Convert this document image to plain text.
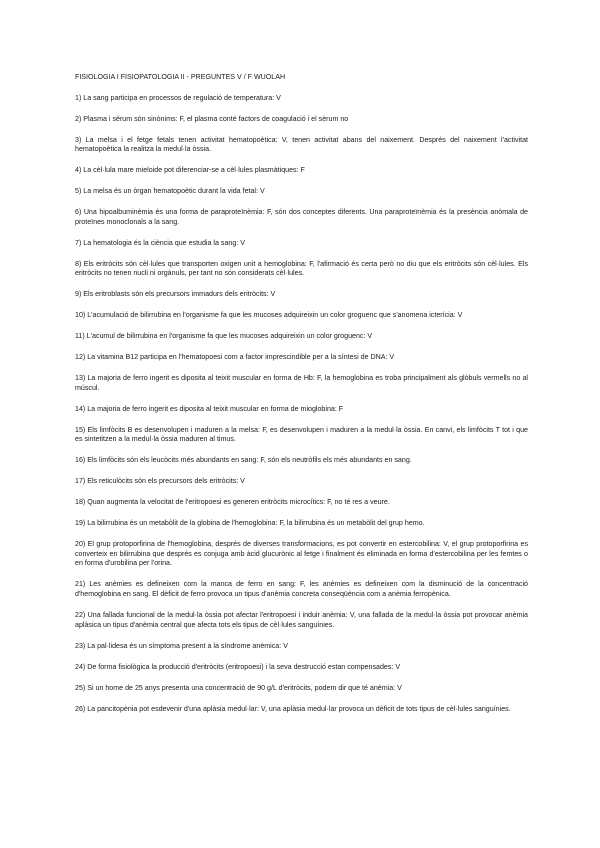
FISIOLOGIA I FISIOPATOLOGIA II - PREGUNTES V / F WUOLAH

1) La sang participa en processos de regulació de temperatura: V

2) Plasma i sèrum són sinònims: F, el plasma conté factors de coagulació i el sèrum no

3) La melsa i el fetge fetals tenen activitat hematopoètica: V, tenen activitat abans del naixement. Després del naixement l'activitat hematopoètica la realitza la medul·la òssia.

4) La cèl·lula mare mieloide pot diferenciar-se a cèl·lules plasmàtiques: F

5) La melsa és un òrgan hematopoètic durant la vida fetal: V

6) Una hipoalbuminèmia és una forma de paraproteïnèmia: F, són dos conceptes diferents. Una paraproteïnèmia és la presència anòmala de proteïnes monoclonals a la sang.

7) La hematologia és la ciència que estudia la sang: V

8) Els eritròcits són cèl·lules que transporten oxigen unit a hemoglobina: F, l'afirmació és certa però no diu que els eritròcits són cèl·lules. Els eritròcits no tenen nucli ni orgànuls, per tant no són considerats cèl·lules.

9) Els eritroblasts són els precursors immadurs dels eritròcits: V

10) L'acumulació de bilirrubina en l'organisme fa que les mucoses adquireixin un color groguenc que s'anomena icterícia: V

11) L'acumul de bilirrubina en l'organisme fa que les mucoses adquireixin un color groguenc: V

12) La vitamina B12 participa en l'hematopoesi com a factor imprescindible per a la síntesi de DNA: V

13) La majoria de ferro ingerit es diposita al teixit muscular en forma de Hb: F, la hemoglobina es troba principalment als glòbuls vermells no al múscul.

14) La majoria de ferro ingerit es diposita al teixit muscular en forma de mioglobina: F

15) Els limfòcits B es desenvolupen i maduren a la melsa: F, es desenvolupen i maduren a la medul·la òssia. En canvi, els limfòcits T tot i que es sintetitzen a la medul·la òssia maduren al timus.

16) Els limfòcits són els leucòcits més abundants en sang: F, són els neutròfils els més abundants en sang.

17) Els reticulòcits són els precursors dels eritròcits: V

18) Quan augmenta la velocitat de l'eritropoesi es generen eritròcits microcítics: F, no té res a veure.

19) La bilirrubina és un metabòlit de la globina de l'hemoglobina: F, la bilirrubina és un metabòlit del grup hemo.

20) El grup protoporfirina de l'hemoglobina, després de diverses transformacions, es pot convertir en estercobilina: V, el grup protoporfirina es converteix en bilirrubina que després es conjuga amb àcid glucurònic al fetge i finalment és eliminada en forma d'estercobilina per les femtes o en forma d'urobilina per l'orina.

21) Les anèmies es defineixen com la manca de ferro en sang: F, les anèmies es defineixen com la disminució de la concentració d'hemoglobina en sang. El dèficit de ferro provoca un tipus d'anèmia concreta conseqüència com a anèmia ferropènica.

22) Una fallada funcional de la medul·la òssia pot afectar l'eritropoesi i induir anèmia: V, una fallada de la medul·la òssia pot provocar anèmia aplàsica un tipus d'anèmia central que afecta tots els tipus de cèl·lules sanguínies.

23) La pal·lidesa és un símptoma present a la síndrome anèmica: V

24) De forma fisiològica la producció d'eritròcits (eritropoesi) i la seva destrucció estan compensades: V

25) Si un home de 25 anys presenta una concentració de 90 g/L d'eritròcits, podem dir que té anèmia: V

26) La pancitopènia pot esdevenir d'una aplàsia medul·lar: V, una aplàsia medul·lar provoca un dèficit de tots tipus de cèl·lules sanguínies.
